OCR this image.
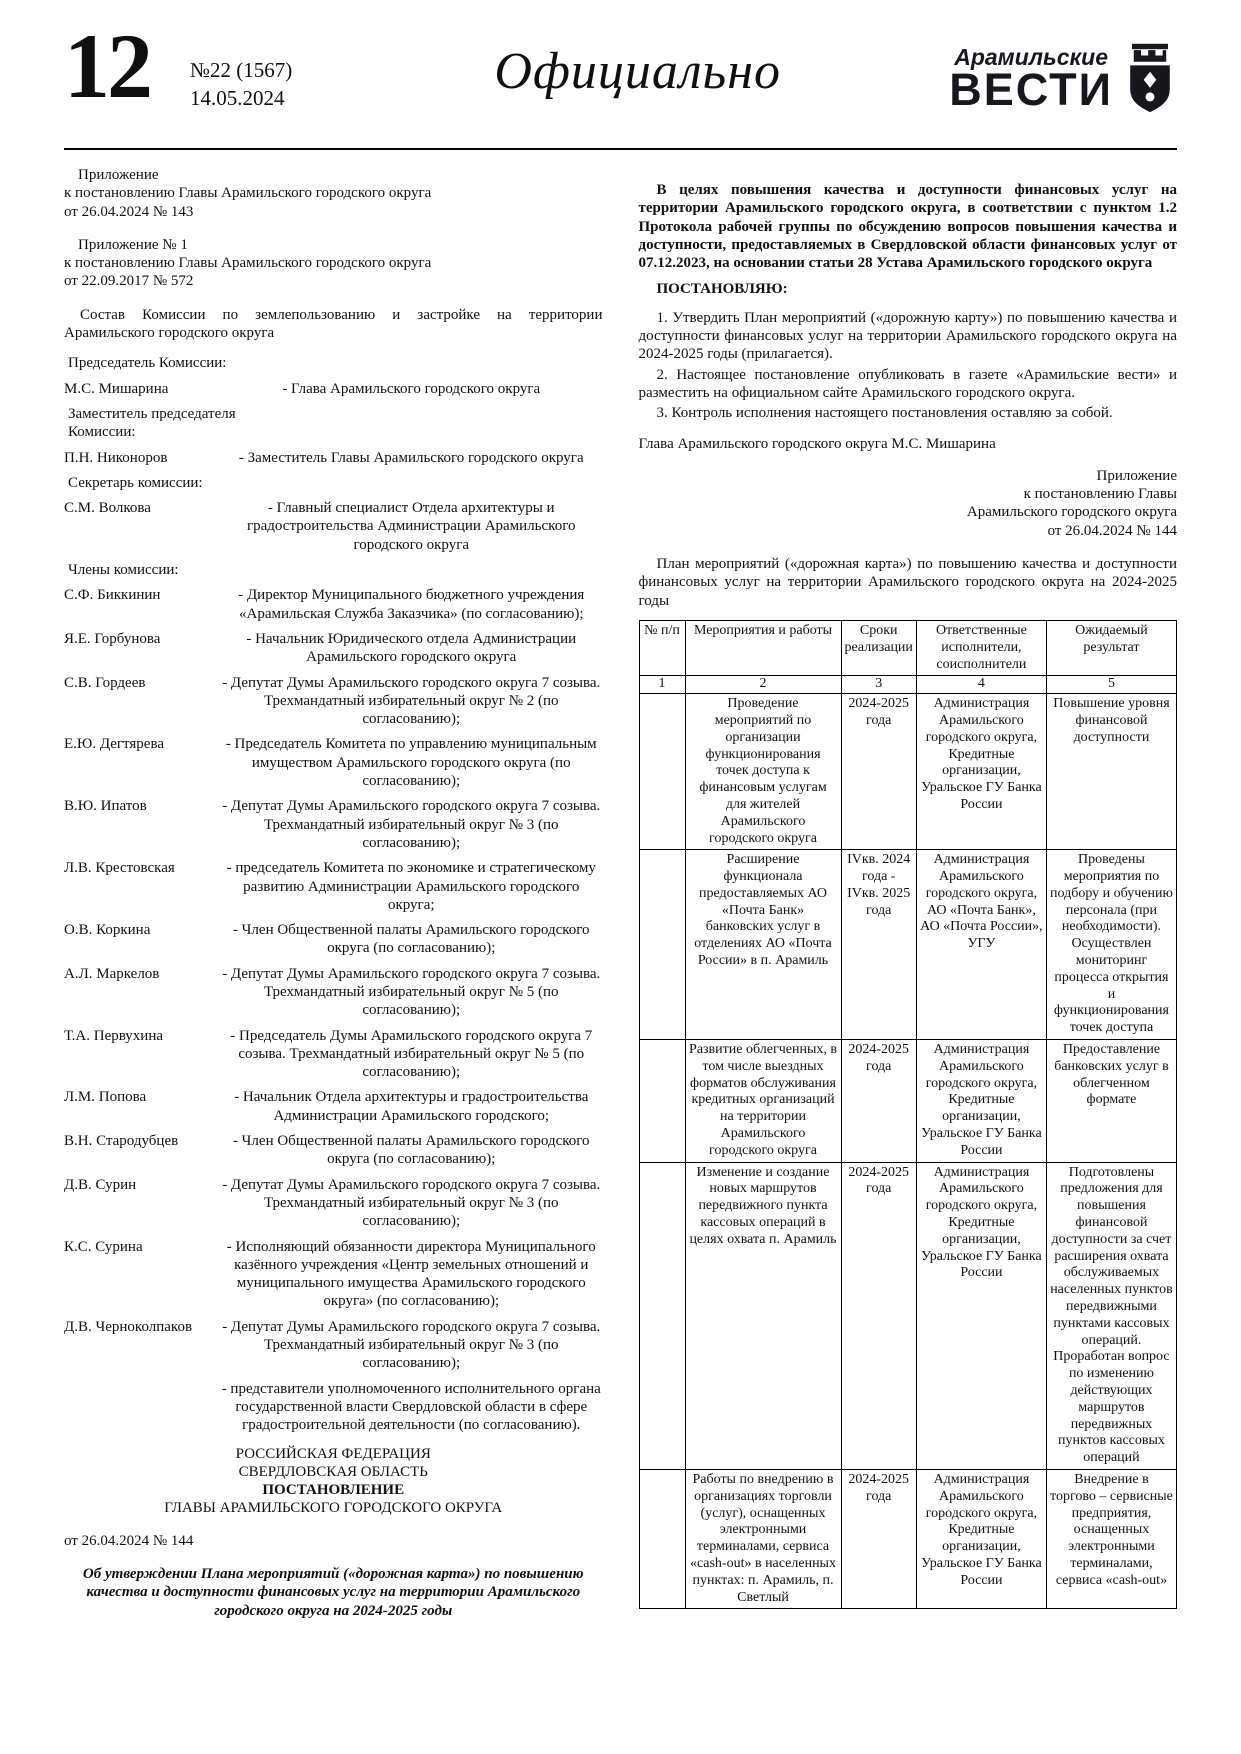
12 №22 (1567)
14.05.2024	Официально	Арамильские
ВЕСТИ
Приложение
к постановлению Главы Арамильского городского округа
от 26.04.2024 № 143
Приложение № 1
к постановлению Главы Арамильского городского округа
от 22.09.2017 № 572

Состав Комиссии по землепользованию и застройке на территории Арамильского городского округа

Председатель Комиссии:
М.С. Мишарина	- Глава Арамильского городского округа
Заместитель председателя Комиссии:
П.Н. Никоноров	- Заместитель Главы Арамильского городского округа
Секретарь комиссии:
С.М. Волкова	- Главный специалист Отдела архитектуры и градостроительства Администрации Арамильского городского округа
Члены комиссии:
С.Ф. Биккинин	- Директор Муниципального бюджетного учреждения «Арамильская Служба Заказчика» (по согласованию);
Я.Е. Горбунова	- Начальник Юридического отдела Администрации Арамильского городского округа
С.В. Гордеев	- Депутат Думы Арамильского городского округа 7 созыва. Трехмандатный избирательный округ № 2 (по согласованию);
Е.Ю. Дегтярева	- Председатель Комитета по управлению муниципальным имуществом Арамильского городского округа (по согласованию);
В.Ю. Ипатов	- Депутат Думы Арамильского городского округа 7 созыва. Трехмандатный избирательный округ № 3 (по согласованию);
Л.В. Крестовская	- председатель Комитета по экономике и стратегическому развитию Администрации Арамильского городского округа;
О.В. Коркина	- Член Общественной палаты Арамильского городского округа (по согласованию);
А.Л. Маркелов	- Депутат Думы Арамильского городского округа 7 созыва. Трехмандатный избирательный округ № 5 (по согласованию);
Т.А. Первухина	- Председатель Думы Арамильского городского округа 7 созыва. Трехмандатный избирательный округ № 5 (по согласованию);
Л.М. Попова	- Начальник Отдела архитектуры и градостроительства Администрации Арамильского городского;
В.Н. Стародубцев	- Член Общественной палаты Арамильского городского округа (по согласованию);
Д.В. Сурин	- Депутат Думы Арамильского городского округа 7 созыва. Трехмандатный избирательный округ № 3 (по согласованию);
К.С. Сурина	- Исполняющий обязанности директора Муниципального казённого учреждения «Центр земельных отношений и муниципального имущества Арамильского городского округа» (по согласованию);
Д.В. Черноколпаков	- Депутат Думы Арамильского городского округа 7 созыва. Трехмандатный избирательный округ № 3 (по согласованию);
- представители уполномоченного исполнительного органа государственной власти Свердловской области в сфере градостроительной деятельности (по согласованию).
РОССИЙСКАЯ ФЕДЕРАЦИЯ
СВЕРДЛОВСКАЯ ОБЛАСТЬ
ПОСТАНОВЛЕНИЕ
ГЛАВЫ АРАМИЛЬСКОГО ГОРОДСКОГО ОКРУГА
от 26.04.2024 № 144

Об утверждении Плана мероприятий («дорожная карта») по повышению качества и доступности финансовых услуг на территории Арамильского городского округа на 2024-2025 годы

В целях повышения качества и доступности финансовых услуг на территории Арамильского городского округа, в соответствии с пунктом 1.2 Протокола рабочей группы по обсуждению вопросов повышения качества и доступности, предоставляемых в Свердловской области финансовых услуг от 07.12.2023, на основании статьи 28 Устава Арамильского городского округа

ПОСТАНОВЛЯЮ:

1. Утвердить План мероприятий («дорожную карту») по повышению качества и доступности финансовых услуг на территории Арамильского городского округа на 2024-2025 годы (прилагается).

2. Настоящее постановление опубликовать в газете «Арамильские вести» и разместить на официальном сайте Арамильского городского округа.

3. Контроль исполнения настоящего постановления оставляю за собой.

Глава Арамильского городского округа М.С. Мишарина
Приложение
к постановлению Главы
Арамильского городского округа
от 26.04.2024 № 144

План мероприятий («дорожная карта») по повышению качества и доступности финансовых услуг на территории Арамильского городского округа на 2024-2025 годы

№ п/п	Мероприятия и работы	Сроки реализации	Ответственные исполнители, соисполнители	Ожидаемый результат
1	2	3	4	5
	Проведение мероприятий по организации функционирования точек доступа к финансовым услугам для жителей Арамильского городского округа	2024-2025 года	Администрация Арамильского городского округа, Кредитные организации, Уральское ГУ Банка России	Повышение уровня финансовой доступности
	Расширение функционала предоставляемых АО «Почта Банк» банковских услуг в отделениях АО «Почта России» в п. Арамиль	IVкв. 2024 года - IVкв. 2025 года	Администрация Арамильского городского округа, АО «Почта Банк», АО «Почта России», УГУ	Проведены мероприятия по подбору и обучению персонала (при необходимости). Осуществлен мониторинг процесса открытия и функционирования точек доступа
	Развитие облегченных, в том числе выездных форматов обслуживания кредитных организаций на территории Арамильского городского округа	2024-2025 года	Администрация Арамильского городского округа, Кредитные организации, Уральское ГУ Банка России	Предоставление банковских услуг в облегченном формате
	Изменение и создание новых маршрутов передвижного пункта кассовых операций в целях охвата п. Арамиль	2024-2025 года	Администрация Арамильского городского округа, Кредитные организации, Уральское ГУ Банка России	Подготовлены предложения для повышения финансовой доступности за счет расширения охвата обслуживаемых населенных пунктов передвижными пунктами кассовых операций. Проработан вопрос по изменению действующих маршрутов передвижных пунктов кассовых операций
	Работы по внедрению в организациях торговли (услуг), оснащенных электронными терминалами, сервиса «cash-out» в населенных пунктах: п. Арамиль, п. Светлый	2024-2025 года	Администрация Арамильского городского округа, Кредитные организации, Уральское ГУ Банка России	Внедрение в торгово – сервисные предприятия, оснащенных электронными терминалами, сервиса «cash-out»
